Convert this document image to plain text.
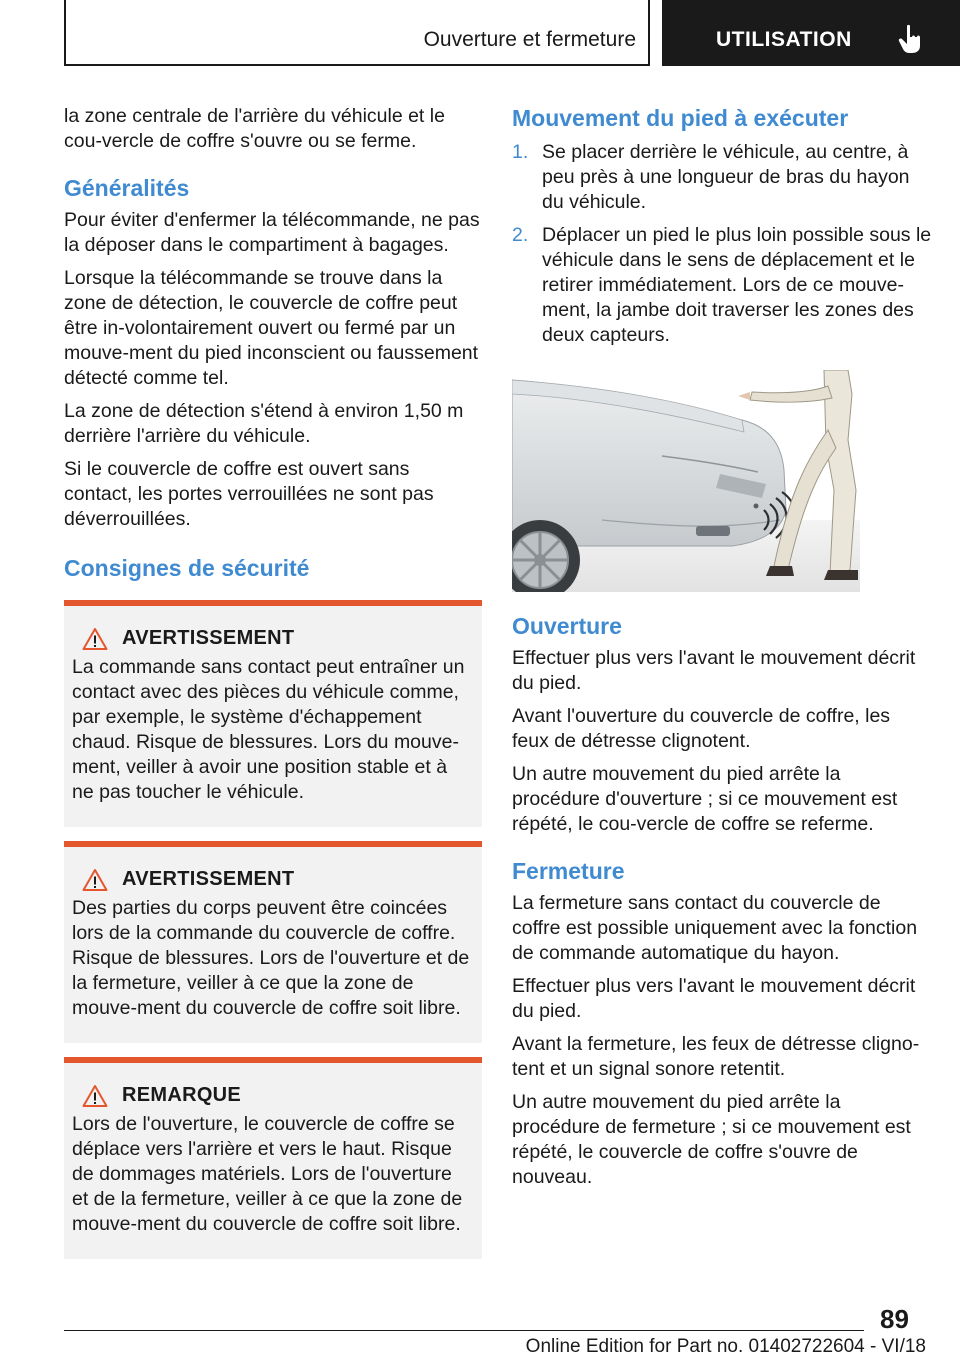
Ouverture et fermeture	UTILISATION

la zone centrale de l'arrière du véhicule et le cou-vercle de coffre s'ouvre ou se ferme.

Généralités

Pour éviter d'enfermer la télécommande, ne pas la déposer dans le compartiment à bagages.

Lorsque la télécommande se trouve dans la zone de détection, le couvercle de coffre peut être in-volontairement ouvert ou fermé par un mouve-ment du pied inconscient ou faussement détecté comme tel.

La zone de détection s'étend à environ 1,50 m derrière l'arrière du véhicule.

Si le couvercle de coffre est ouvert sans contact, les portes verrouillées ne sont pas déverrouillées.

Consignes de sécurité
AVERTISSEMENT
La commande sans contact peut entraîner un contact avec des pièces du véhicule comme, par exemple, le système d'échappement chaud. Risque de blessures. Lors du mouve-ment, veiller à avoir une position stable et à ne pas toucher le véhicule.
AVERTISSEMENT
Des parties du corps peuvent être coincées lors de la commande du couvercle de coffre. Risque de blessures. Lors de l'ouverture et de la fermeture, veiller à ce que la zone de mouve-ment du couvercle de coffre soit libre.
REMARQUE
Lors de l'ouverture, le couvercle de coffre se déplace vers l'arrière et vers le haut. Risque de dommages matériels. Lors de l'ouverture et de la fermeture, veiller à ce que la zone de mouve-ment du couvercle de coffre soit libre.
Mouvement du pied à exécuter
1. Se placer derrière le véhicule, au centre, à peu près à une longueur de bras du hayon du véhicule.
2. Déplacer un pied le plus loin possible sous le véhicule dans le sens de déplacement et le retirer immédiatement. Lors de ce mouve-ment, la jambe doit traverser les zones des deux capteurs.
Ouverture

Effectuer plus vers l'avant le mouvement décrit du pied.

Avant l'ouverture du couvercle de coffre, les feux de détresse clignotent.

Un autre mouvement du pied arrête la procédure d'ouverture ; si ce mouvement est répété, le cou-vercle de coffre se referme.

Fermeture

La fermeture sans contact du couvercle de coffre est possible uniquement avec la fonction de commande automatique du hayon.

Effectuer plus vers l'avant le mouvement décrit du pied.

Avant la fermeture, les feux de détresse cligno-tent et un signal sonore retentit.

Un autre mouvement du pied arrête la procédure de fermeture ; si ce mouvement est répété, le couvercle de coffre s'ouvre de nouveau.

89
Online Edition for Part no. 01402722604 - VI/18
